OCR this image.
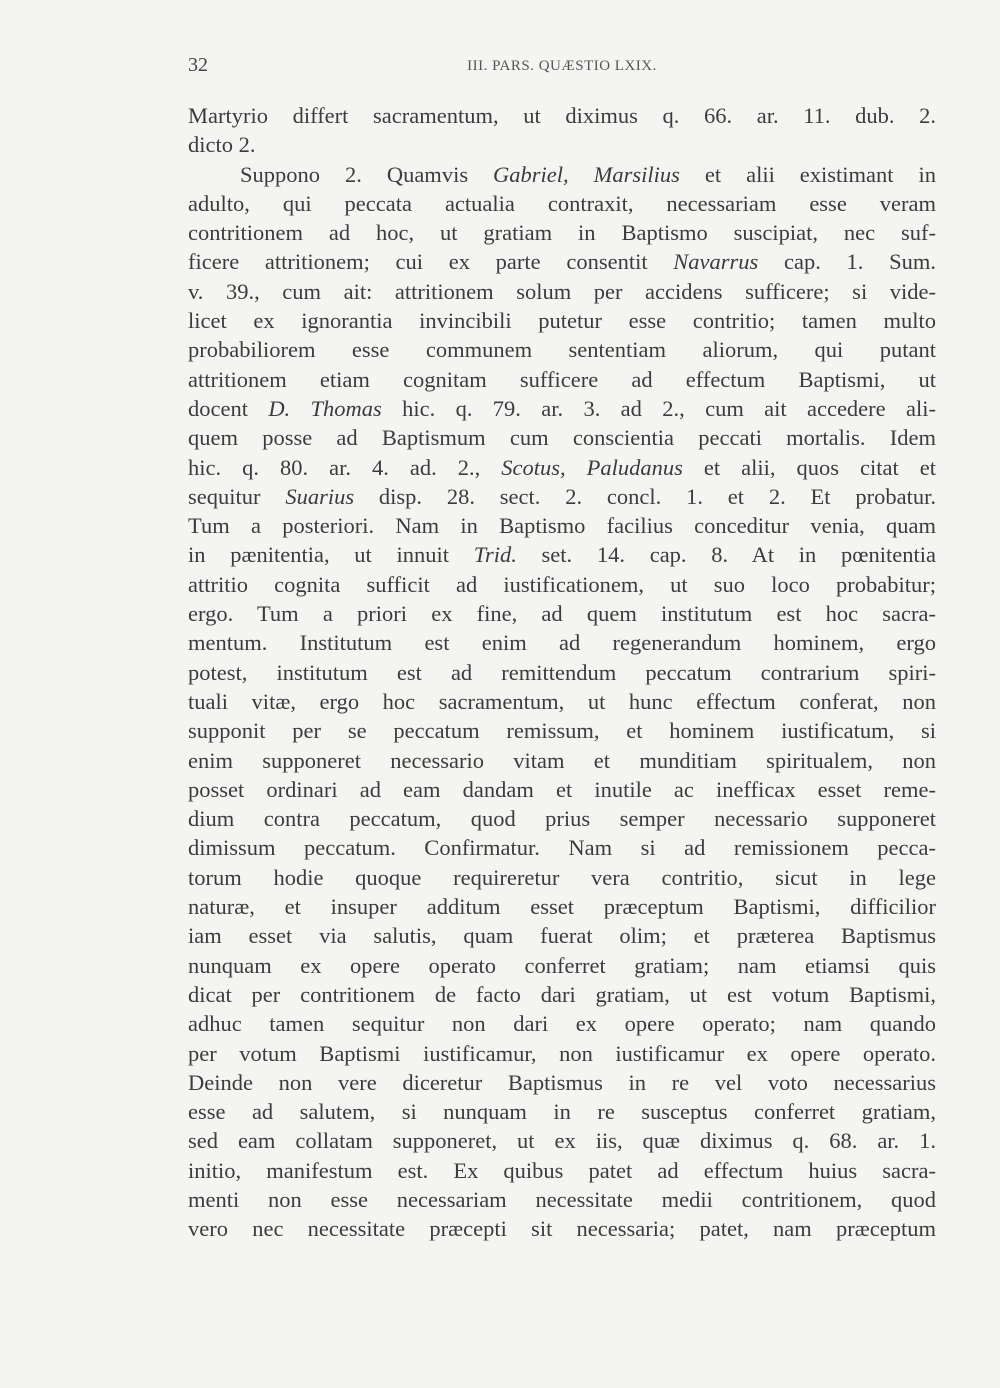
32	III. PARS. QUÆSTIO LXIX.
Martyrio differt sacramentum, ut diximus q. 66. ar. 11. dub. 2.
dicto 2.
Suppono 2. Quamvis Gabriel, Marsilius et alii existimant in
adulto, qui peccata actualia contraxit, necessariam esse veram
contritionem ad hoc, ut gratiam in Baptismo suscipiat, nec suf-
ficere attritionem; cui ex parte consentit Navarrus cap. 1. Sum.
v. 39., cum ait: attritionem solum per accidens sufficere; si vide-
licet ex ignorantia invincibili putetur esse contritio; tamen multo
probabiliorem esse communem sententiam aliorum, qui putant
attritionem etiam cognitam sufficere ad effectum Baptismi, ut
docent D. Thomas hic. q. 79. ar. 3. ad 2., cum ait accedere ali-
quem posse ad Baptismum cum conscientia peccati mortalis. Idem
hic. q. 80. ar. 4. ad. 2., Scotus, Paludanus et alii, quos citat et
sequitur Suarius disp. 28. sect. 2. concl. 1. et 2. Et probatur.
Tum a posteriori. Nam in Baptismo facilius conceditur venia, quam
in pænitentia, ut innuit Trid. set. 14. cap. 8. At in pœnitentia
attritio cognita sufficit ad iustificationem, ut suo loco probabitur;
ergo. Tum a priori ex fine, ad quem institutum est hoc sacra-
mentum. Institutum est enim ad regenerandum hominem, ergo
potest, institutum est ad remittendum peccatum contrarium spiri-
tuali vitæ, ergo hoc sacramentum, ut hunc effectum conferat, non
supponit per se peccatum remissum, et hominem iustificatum, si
enim supponeret necessario vitam et munditiam spiritualem, non
posset ordinari ad eam dandam et inutile ac inefficax esset reme-
dium contra peccatum, quod prius semper necessario supponeret
dimissum peccatum. Confirmatur. Nam si ad remissionem pecca-
torum hodie quoque requireretur vera contritio, sicut in lege
naturæ, et insuper additum esset præceptum Baptismi, difficilior
iam esset via salutis, quam fuerat olim; et præterea Baptismus
nunquam ex opere operato conferret gratiam; nam etiamsi quis
dicat per contritionem de facto dari gratiam, ut est votum Baptismi,
adhuc tamen sequitur non dari ex opere operato; nam quando
per votum Baptismi iustificamur, non iustificamur ex opere operato.
Deinde non vere diceretur Baptismus in re vel voto necessarius
esse ad salutem, si nunquam in re susceptus conferret gratiam,
sed eam collatam supponeret, ut ex iis, quæ diximus q. 68. ar. 1.
initio, manifestum est. Ex quibus patet ad effectum huius sacra-
menti non esse necessariam necessitate medii contritionem, quod
vero nec necessitate præcepti sit necessaria; patet, nam præceptum
